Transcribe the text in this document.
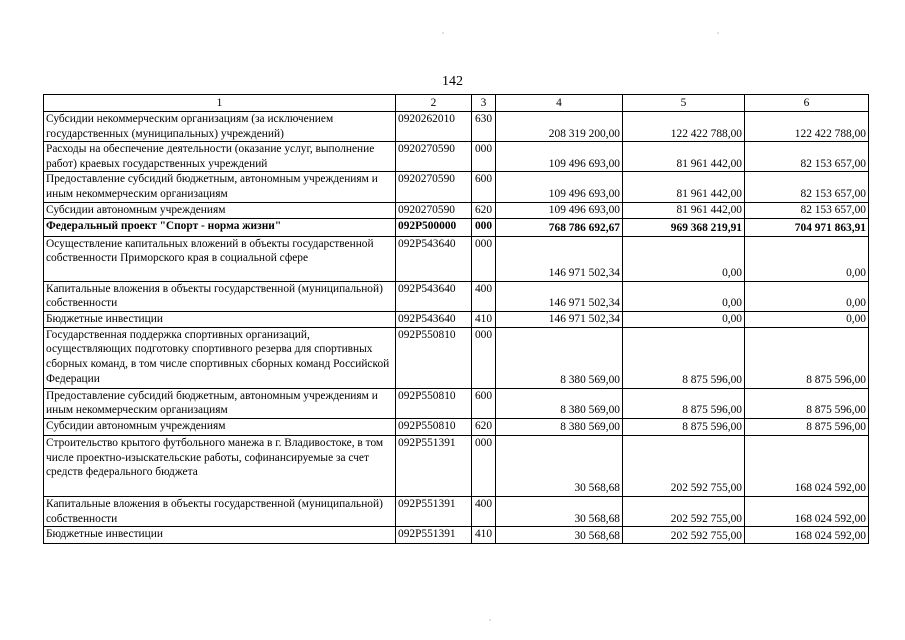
142
1	2	3	4	5	6
Субсидии некоммерческим организациям (за исключением государственных (муниципальных) учреждений)	0920262010	630	208 319 200,00	122 422 788,00	122 422 788,00
Расходы на обеспечение деятельности (оказание услуг, выполнение работ) краевых государственных учреждений	0920270590	000	109 496 693,00	81 961 442,00	82 153 657,00
Предоставление субсидий бюджетным, автономным учреждениям и иным некоммерческим организациям	0920270590	600	109 496 693,00	81 961 442,00	82 153 657,00
Субсидии автономным учреждениям	0920270590	620	109 496 693,00	81 961 442,00	82 153 657,00
Федеральный проект "Спорт - норма жизни"	092Р500000	000	768 786 692,67	969 368 219,91	704 971 863,91
Осуществление капитальных вложений в объекты государственной собственности Приморского края в социальной сфере	092Р543640	000	146 971 502,34	0,00	0,00
Капитальные вложения в объекты государственной (муниципальной) собственности	092Р543640	400	146 971 502,34	0,00	0,00
Бюджетные инвестиции	092Р543640	410	146 971 502,34	0,00	0,00
Государственная поддержка спортивных организаций, осуществляющих подготовку спортивного резерва для спортивных сборных команд, в том числе спортивных сборных команд Российской Федерации	092Р550810	000	8 380 569,00	8 875 596,00	8 875 596,00
Предоставление субсидий бюджетным, автономным учреждениям и иным некоммерческим организациям	092Р550810	600	8 380 569,00	8 875 596,00	8 875 596,00
Субсидии автономным учреждениям	092Р550810	620	8 380 569,00	8 875 596,00	8 875 596,00
Строительство крытого футбольного манежа в г. Владивостоке, в том числе проектно-изыскательские работы, софинансируемые за счет средств федерального бюджета	092Р551391	000	30 568,68	202 592 755,00	168 024 592,00
Капитальные вложения в объекты государственной (муниципальной) собственности	092Р551391	400	30 568,68	202 592 755,00	168 024 592,00
Бюджетные инвестиции	092Р551391	410	30 568,68	202 592 755,00	168 024 592,00
